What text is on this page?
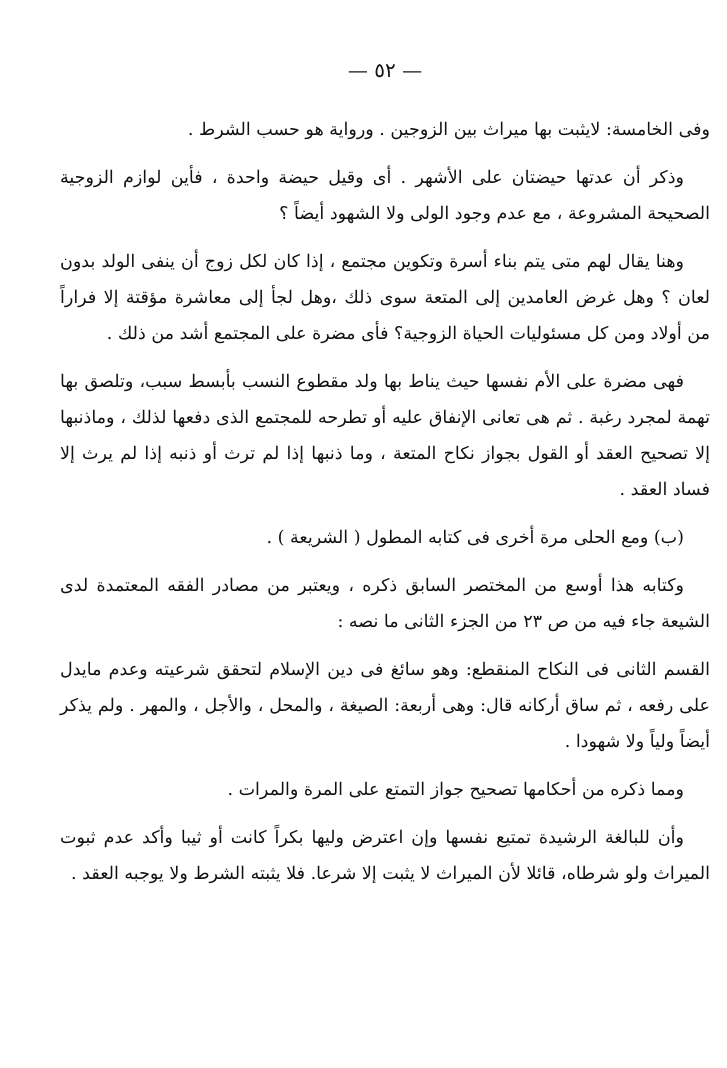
— ٥٢ —

وفى الخامسة: لايثبت بها ميراث بين الزوجين . ورواية هو حسب الشرط .

وذكر أن عدتها حيضتان على الأشهر . أى وقيل حيضة واحدة ، فأين لوازم الزوجية الصحيحة المشروعة ، مع عدم وجود الولى ولا الشهود أيضاً ؟

وهنا يقال لهم متى يتم بناء أسرة وتكوين مجتمع ، إذا كان لكل زوج أن ينفى الولد بدون لعان ؟ وهل غرض العامدين إلى المتعة سوى ذلك ،وهل لجأ إلى معاشرة مؤقتة إلا فراراً من أولاد ومن كل مسئوليات الحياة الزوجية؟ فأى مضرة على المجتمع أشد من ذلك .

فهى مضرة على الأم نفسها حيث يناط بها ولد مقطوع النسب بأبسط سبب، وتلصق بها تهمة لمجرد رغبة . ثم هى تعانى الإنفاق عليه أو تطرحه للمجتمع الذى دفعها لذلك ، وماذنبها إلا تصحيح العقد أو القول بجواز نكاح المتعة ، وما ذنبها إذا لم ترث أو ذنبه إذا لم يرث إلا فساد العقد .

(ب) ومع الحلى مرة أخرى فى كتابه المطول ( الشريعة ) .

وكتابه هذا أوسع من المختصر السابق ذكره ، ويعتبر من مصادر الفقه المعتمدة لدى الشيعة جاء فيه من ص ٢٣ من الجزء الثانى ما نصه :

القسم الثانى فى النكاح المنقطع: وهو سائغ فى دين الإسلام لتحقق شرعيته وعدم مايدل على رفعه ، ثم ساق أركانه قال: وهى أربعة: الصيغة ، والمحل ، والأجل ، والمهر . ولم يذكر أيضاً ولياً ولا شهودا .

ومما ذكره من أحكامها تصحيح جواز التمتع على المرة والمرات .

وأن للبالغة الرشيدة تمتيع نفسها وإن اعترض وليها بكراً كانت أو ثيبا وأكد عدم ثبوت الميراث ولو شرطاه، قائلا لأن الميراث لا يثبت إلا شرعا. فلا يثبته الشرط ولا يوجبه العقد .
